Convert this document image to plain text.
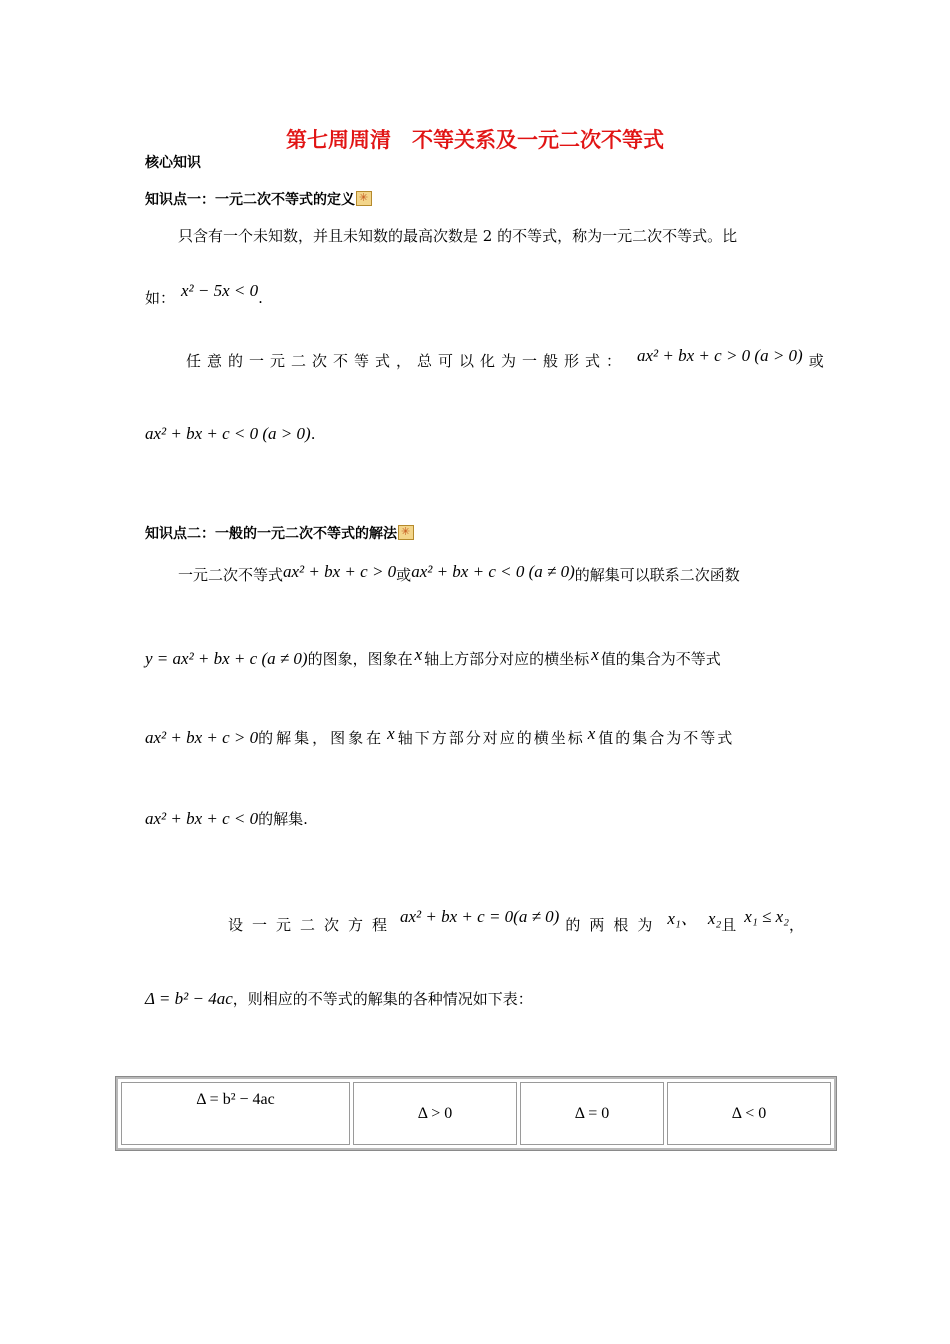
第七周周清　不等关系及一元二次不等式
核心知识
知识点一：一元二次不等式的定义✳
只含有一个未知数，并且未知数的最高次数是 2 的不等式，称为一元二次不等式。比
如： x² − 5x < 0.
任意的一元二次不等式，总可以化为一般形式： ax² + bx + c > 0 (a > 0) 或
ax² + bx + c < 0 (a > 0).
知识点二：一般的一元二次不等式的解法✳
一元二次不等式ax² + bx + c > 0或ax² + bx + c < 0 (a ≠ 0)的解集可以联系二次函数
y = ax² + bx + c (a ≠ 0)的图象，图象在 x 轴上方部分对应的横坐标 x 值的集合为不等式
ax² + bx + c > 0的解集，图象在 x 轴下方部分对应的横坐标 x 值的集合为不等式
ax² + bx + c < 0的解集.
设一元二次方程 ax² + bx + c = 0(a ≠ 0) 的两根为 x₁、 x₂且 x₁ ≤ x₂，
Δ = b² − 4ac，则相应的不等式的解集的各种情况如下表：
Δ = b² − 4ac	Δ > 0	Δ = 0	Δ < 0
